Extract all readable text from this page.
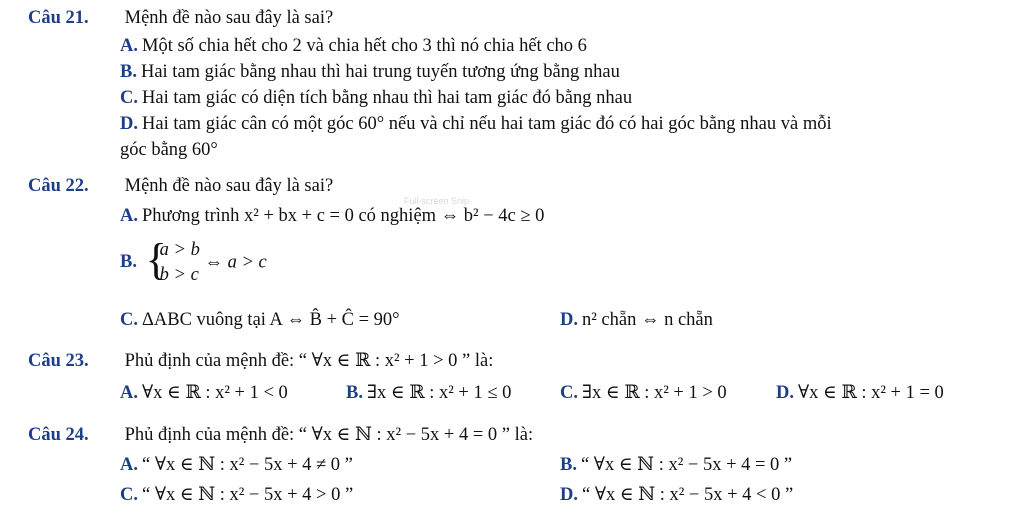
Full-screen Snip
Câu 21. Mệnh đề nào sau đây là sai?
A. Một số chia hết cho 2 và chia hết cho 3 thì nó chia hết cho 6
B. Hai tam giác bằng nhau thì hai trung tuyến tương ứng bằng nhau
C. Hai tam giác có diện tích bằng nhau thì hai tam giác đó bằng nhau
D. Hai tam giác cân có một góc 60° nếu và chỉ nếu hai tam giác đó có hai góc bằng nhau và mỗi
góc bằng 60°
Câu 22. Mệnh đề nào sau đây là sai?
A. Phương trình x² + bx + c = 0 có nghiệm ⇔ b² − 4c ≥ 0
B. {
a > b
b > c
⇔ a > c
C. ΔABC vuông tại A ⇔ B̂ + Ĉ = 90°	D. n² chẵn ⇔ n chẵn
Câu 23. Phủ định của mệnh đề: “ ∀x ∈ ℝ : x² + 1 > 0 ” là:
A. ∀x ∈ ℝ : x² + 1 < 0	B. ∃x ∈ ℝ : x² + 1 ≤ 0	C. ∃x ∈ ℝ : x² + 1 > 0	D. ∀x ∈ ℝ : x² + 1 = 0
Câu 24. Phủ định của mệnh đề: “ ∀x ∈ ℕ : x² − 5x + 4 = 0 ” là:
A. “ ∀x ∈ ℕ : x² − 5x + 4 ≠ 0 ”	B. “ ∀x ∈ ℕ : x² − 5x + 4 = 0 ”
C. “ ∀x ∈ ℕ : x² − 5x + 4 > 0 ”	D. “ ∀x ∈ ℕ : x² − 5x + 4 < 0 ”
